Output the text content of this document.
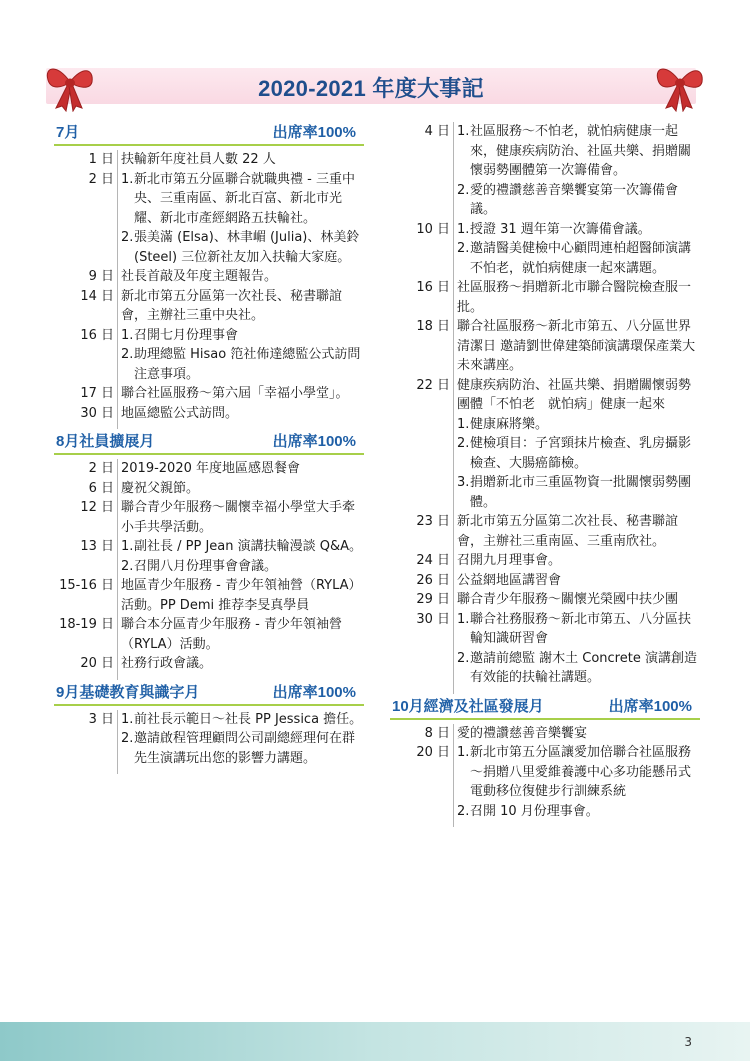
2020-2021 年度大事記
7月	出席率100%
1 日 扶輪新年度社員人數 22 人
2 日 1. 新北市第五分區聯合就職典禮 - 三重中央、三重南區、新北百富、新北市光耀、新北市產經網路五扶輪社。
2. 張美滿 (Elsa)、林聿嵋 (Julia)、林美鈴 (Steel) 三位新社友加入扶輪大家庭。
9 日 社長首敲及年度主題報告。
14 日 新北市第五分區第一次社長、秘書聯誼會，主辦社三重中央社。
16 日 1. 召開七月份理事會
2. 助理總監 Hisao 笵社佈達總監公式訪問注意事項。
17 日 聯合社區服務～第六屆「幸福小學堂」。
30 日 地區總監公式訪問。
8月社員擴展月	出席率100%
2 日 2019-2020 年度地區感恩餐會
6 日 慶祝父親節。
12 日 聯合青少年服務～關懷幸福小學堂大手牽小手共學活動。
13 日 1. 副社長 / PP Jean 演講扶輪漫談 Q&A。
2. 召開八月份理事會會議。
15-16 日 地區青少年服務 - 青少年領袖營（RYLA）活動。PP Demi 推荐李旻真學員
18-19 日 聯合本分區青少年服務 - 青少年領袖營（RYLA）活動。
20 日 社務行政會議。
9月基礎教育與識字月	出席率100%
3 日 1. 前社長示範日～社長 PP Jessica 擔任。
2. 邀請啟程管理顧問公司副總經理何在群先生演講玩出您的影響力講題。
4 日 1. 社區服務～不怕老，就怕病健康一起來，健康疾病防治、社區共樂、捐贈關懷弱勢團體第一次籌備會。
2. 愛的禮讚慈善音樂饗宴第一次籌備會議。
10 日 1. 授證 31 週年第一次籌備會議。
2. 邀請醫美健檢中心顧問連柏超醫師演講不怕老，就怕病健康一起來講題。
16 日 社區服務～捐贈新北市聯合醫院檢查服一批。
18 日 聯合社區服務～新北市第五、八分區世界清潔日 邀請劉世偉建築師演講環保產業大未來講座。
22 日 健康疾病防治、社區共樂、捐贈關懷弱勢團體「不怕老　就怕病」健康一起來
1. 健康麻將樂。
2. 健檢項目：子宮頸抹片檢查、乳房攝影檢查、大腸癌篩檢。
3. 捐贈新北市三重區物資一批關懷弱勢團體。
23 日 新北市第五分區第二次社長、秘書聯誼會，主辦社三重南區、三重南欣社。
24 日 召開九月理事會。
26 日 公益網地區講習會
29 日 聯合青少年服務～關懷光榮國中扶少團
30 日 1. 聯合社務服務～新北市第五、八分區扶輪知識研習會
2. 邀請前總監 謝木土 Concrete 演講創造有效能的扶輪社講題。
10月經濟及社區發展月	出席率100%
8 日 愛的禮讚慈善音樂饗宴
20 日 1. 新北市第五分區讓愛加倍聯合社區服務～捐贈八里愛維養護中心多功能懸吊式電動移位復健步行訓練系統
2. 召開 10 月份理事會。
3
